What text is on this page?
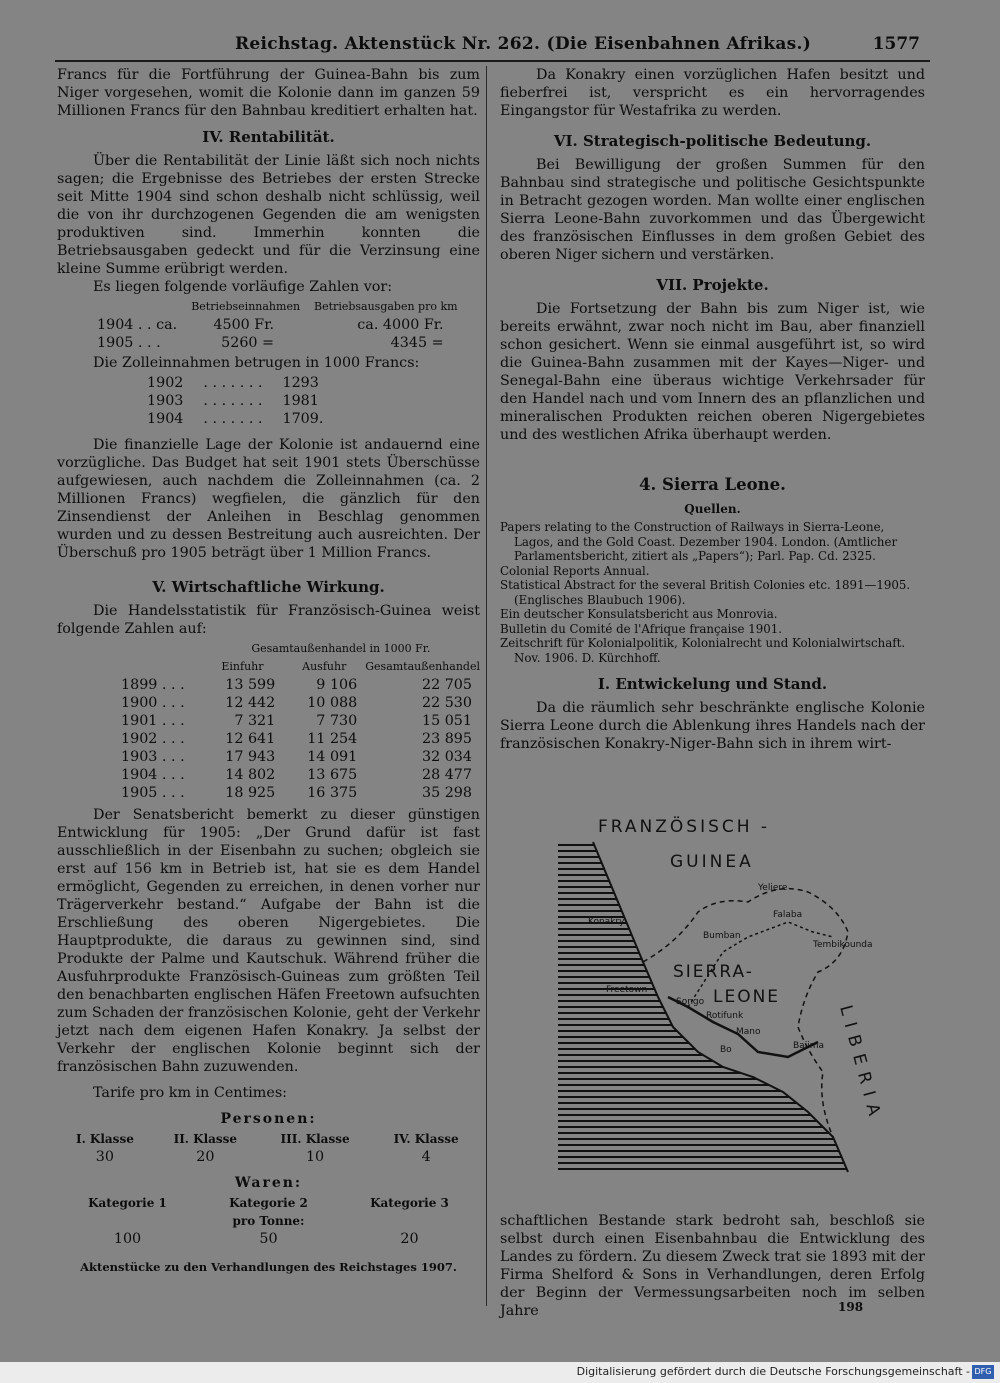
Reichstag. Aktenstück Nr. 262. (Die Eisenbahnen Afrikas.)	1577

Francs für die Fortführung der Guinea-Bahn bis zum Niger vorgesehen, womit die Kolonie dann im ganzen 59 Millionen Francs für den Bahnbau kreditiert erhalten hat.

IV. Rentabilität.

Über die Rentabilität der Linie läßt sich noch nichts sagen; die Ergebnisse des Betriebes der ersten Strecke seit Mitte 1904 sind schon deshalb nicht schlüssig, weil die von ihr durchzogenen Gegenden die am wenigsten produktiven sind. Immerhin konnten die Betriebsausgaben gedeckt und für die Verzinsung eine kleine Summe erübrigt werden.

Es liegen folgende vorläufige Zahlen vor:

	Betriebseinnahmen	Betriebsausgaben pro km
1904 . . ca.	4500 Fr.	ca. 4000 Fr.
1905 . . .	5260 =	4345 =

Die Zolleinnahmen betrugen in 1000 Francs:

1902	. . . . . . .	1293
1903	. . . . . . .	1981
1904	. . . . . . .	1709.

Die finanzielle Lage der Kolonie ist andauernd eine vorzügliche. Das Budget hat seit 1901 stets Überschüsse aufgewiesen, auch nachdem die Zolleinnahmen (ca. 2 Millionen Francs) wegfielen, die gänzlich für den Zinsendienst der Anleihen in Beschlag genommen wurden und zu dessen Bestreitung auch ausreichten. Der Überschuß pro 1905 beträgt über 1 Million Francs.

V. Wirtschaftliche Wirkung.

Die Handelsstatistik für Französisch-Guinea weist folgende Zahlen auf:

	Gesamtaußenhandel in 1000 Fr.		
	Einfuhr	Ausfuhr	Gesamtaußenhandel
1899 . . .	13 599	9 106	22 705
1900 . . .	12 442	10 088	22 530
1901 . . .	7 321	7 730	15 051
1902 . . .	12 641	11 254	23 895
1903 . . .	17 943	14 091	32 034
1904 . . .	14 802	13 675	28 477
1905 . . .	18 925	16 375	35 298

Der Senatsbericht bemerkt zu dieser günstigen Entwicklung für 1905: „Der Grund dafür ist fast ausschließlich in der Eisenbahn zu suchen; obgleich sie erst auf 156 km in Betrieb ist, hat sie es dem Handel ermöglicht, Gegenden zu erreichen, in denen vorher nur Trägerverkehr bestand.“ Aufgabe der Bahn ist die Erschließung des oberen Nigergebietes. Die Hauptprodukte, die daraus zu gewinnen sind, sind Produkte der Palme und Kautschuk. Während früher die Ausfuhrprodukte Französisch-Guineas zum größten Teil den benachbarten englischen Häfen Freetown aufsuchten zum Schaden der französischen Kolonie, geht der Verkehr jetzt nach dem eigenen Hafen Konakry. Ja selbst der Verkehr der englischen Kolonie beginnt sich der französischen Bahn zuzuwenden.

Tarife pro km in Centimes:

Personen:
I. Klasse	II. Klasse	III. Klasse	IV. Klasse
30	20	10	4
Waren:
Kategorie 1	Kategorie 2	Kategorie 3
	pro Tonne:	
100	50	20
Aktenstücke zu den Verhandlungen des Reichstages 1907.

Da Konakry einen vorzüglichen Hafen besitzt und fieberfrei ist, verspricht es ein hervorragendes Eingangstor für Westafrika zu werden.

VI. Strategisch-politische Bedeutung.

Bei Bewilligung der großen Summen für den Bahnbau sind strategische und politische Gesichtspunkte in Betracht gezogen worden. Man wollte einer englischen Sierra Leone-Bahn zuvorkommen und das Übergewicht des französischen Einflusses in dem großen Gebiet des oberen Niger sichern und verstärken.

VII. Projekte.

Die Fortsetzung der Bahn bis zum Niger ist, wie bereits erwähnt, zwar noch nicht im Bau, aber finanziell schon gesichert. Wenn sie einmal ausgeführt ist, so wird die Guinea-Bahn zusammen mit der Kayes—Niger- und Senegal-Bahn eine überaus wichtige Verkehrsader für den Handel nach und vom Innern des an pflanzlichen und mineralischen Produkten reichen oberen Nigergebietes und des westlichen Afrika überhaupt werden.

4. Sierra Leone.
Quellen.

Papers relating to the Construction of Railways in Sierra-Leone, Lagos, and the Gold Coast. Dezember 1904. London. (Amtlicher Parlamentsbericht, zitiert als „Papers“); Parl. Pap. Cd. 2325.

Colonial Reports Annual.

Statistical Abstract for the several British Colonies etc. 1891—1905. (Englisches Blaubuch 1906).

Ein deutscher Konsulatsbericht aus Monrovia.

Bulletin du Comité de l'Afrique française 1901.

Zeitschrift für Kolonialpolitik, Kolonialrecht und Kolonialwirtschaft. Nov. 1906. D. Kürchhoff.

I. Entwickelung und Stand.

Da die räumlich sehr beschränkte englische Kolonie Sierra Leone durch die Ablenkung ihres Handels nach der französischen Konakry-Niger-Bahn sich in ihrem wirt-

FRANZÖSISCH -
GUINEA
SIERRA-
LEONE
LIBERIA
Konakry
Freetown
Songo
Rotifunk
Mano
Bo	Baiima
Bumban
Falaba
Yeliere
Tembikounda

schaftlichen Bestande stark bedroht sah, beschloß sie selbst durch einen Eisenbahnbau die Entwicklung des Landes zu fördern. Zu diesem Zweck trat sie 1893 mit der Firma Shelford & Sons in Verhandlungen, deren Erfolg der Beginn der Vermessungsarbeiten noch im selben Jahre	198
Digitalisierung gefördert durch die Deutsche Forschungsgemeinschaft - DFG
